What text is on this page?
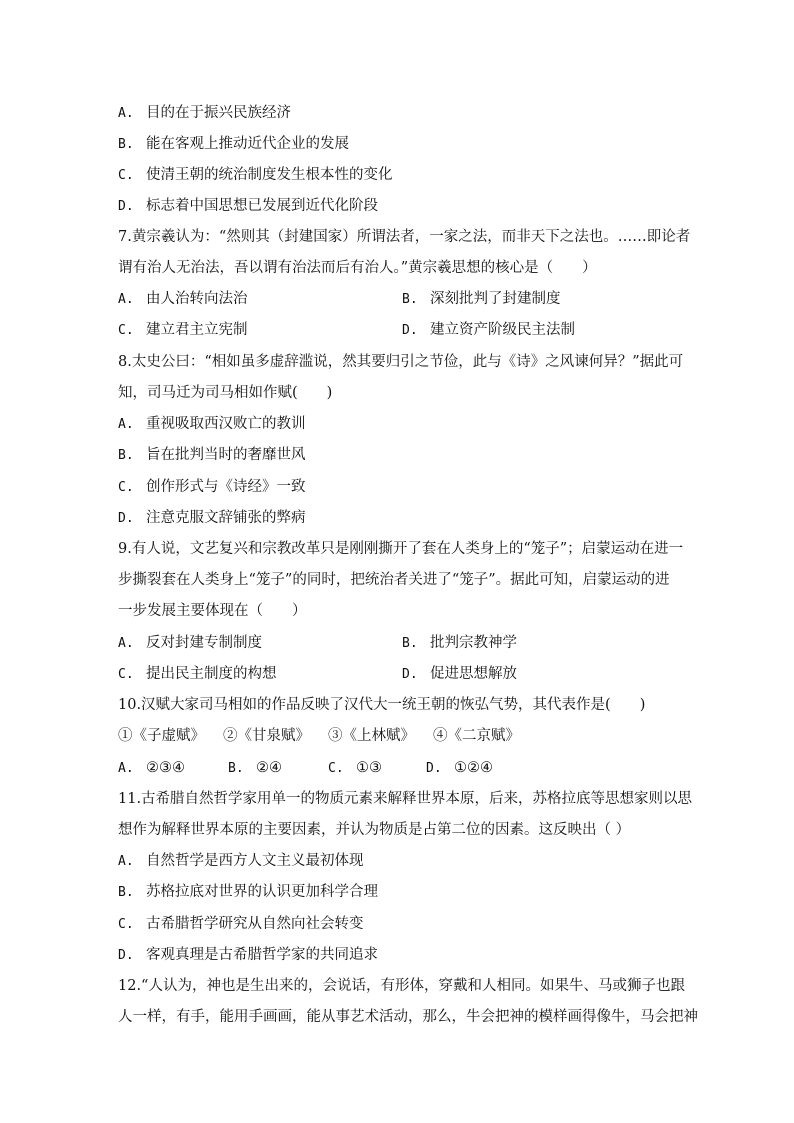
A. 目的在于振兴民族经济
B. 能在客观上推动近代企业的发展
C. 使清王朝的统治制度发生根本性的变化
D. 标志着中国思想已发展到近代化阶段
7.黄宗羲认为：“然则其（封建国家）所谓法者，一家之法，而非天下之法也。……即论者
谓有治人无治法，吾以谓有治法而后有治人。”黄宗羲思想的核心是（　　）
A. 由人治转向法治	B. 深刻批判了封建制度
C. 建立君主立宪制	D. 建立资产阶级民主法制
8.太史公曰：“相如虽多虚辞滥说，然其要归引之节俭，此与《诗》之风谏何异？”据此可
知，司马迁为司马相如作赋(　　)
A. 重视吸取西汉败亡的教训
B. 旨在批判当时的奢靡世风
C. 创作形式与《诗经》一致
D. 注意克服文辞铺张的弊病
9.有人说，文艺复兴和宗教改革只是刚刚撕开了套在人类身上的“笼子”；启蒙运动在进一
步撕裂套在人类身上“笼子”的同时，把统治者关进了“笼子”。据此可知，启蒙运动的进
一步发展主要体现在（　　）
A. 反对封建专制制度	B. 批判宗教神学
C. 提出民主制度的构想	D. 促进思想解放
10.汉赋大家司马相如的作品反映了汉代大一统王朝的恢弘气势，其代表作是(　　)
①《子虚赋》 ②《甘泉赋》 ③《上林赋》 ④《二京赋》
A. ②③④	B. ②④	C. ①③	D. ①②④
11.古希腊自然哲学家用单一的物质元素来解释世界本原，后来，苏格拉底等思想家则以思
想作为解释世界本原的主要因素，并认为物质是占第二位的因素。这反映出（ ）
A. 自然哲学是西方人文主义最初体现
B. 苏格拉底对世界的认识更加科学合理
C. 古希腊哲学研究从自然向社会转变
D. 客观真理是古希腊哲学家的共同追求
12.“人认为，神也是生出来的，会说话，有形体，穿戴和人相同。如果牛、马或狮子也跟
人一样，有手，能用手画画，能从事艺术活动，那么，牛会把神的模样画得像牛，马会把神
